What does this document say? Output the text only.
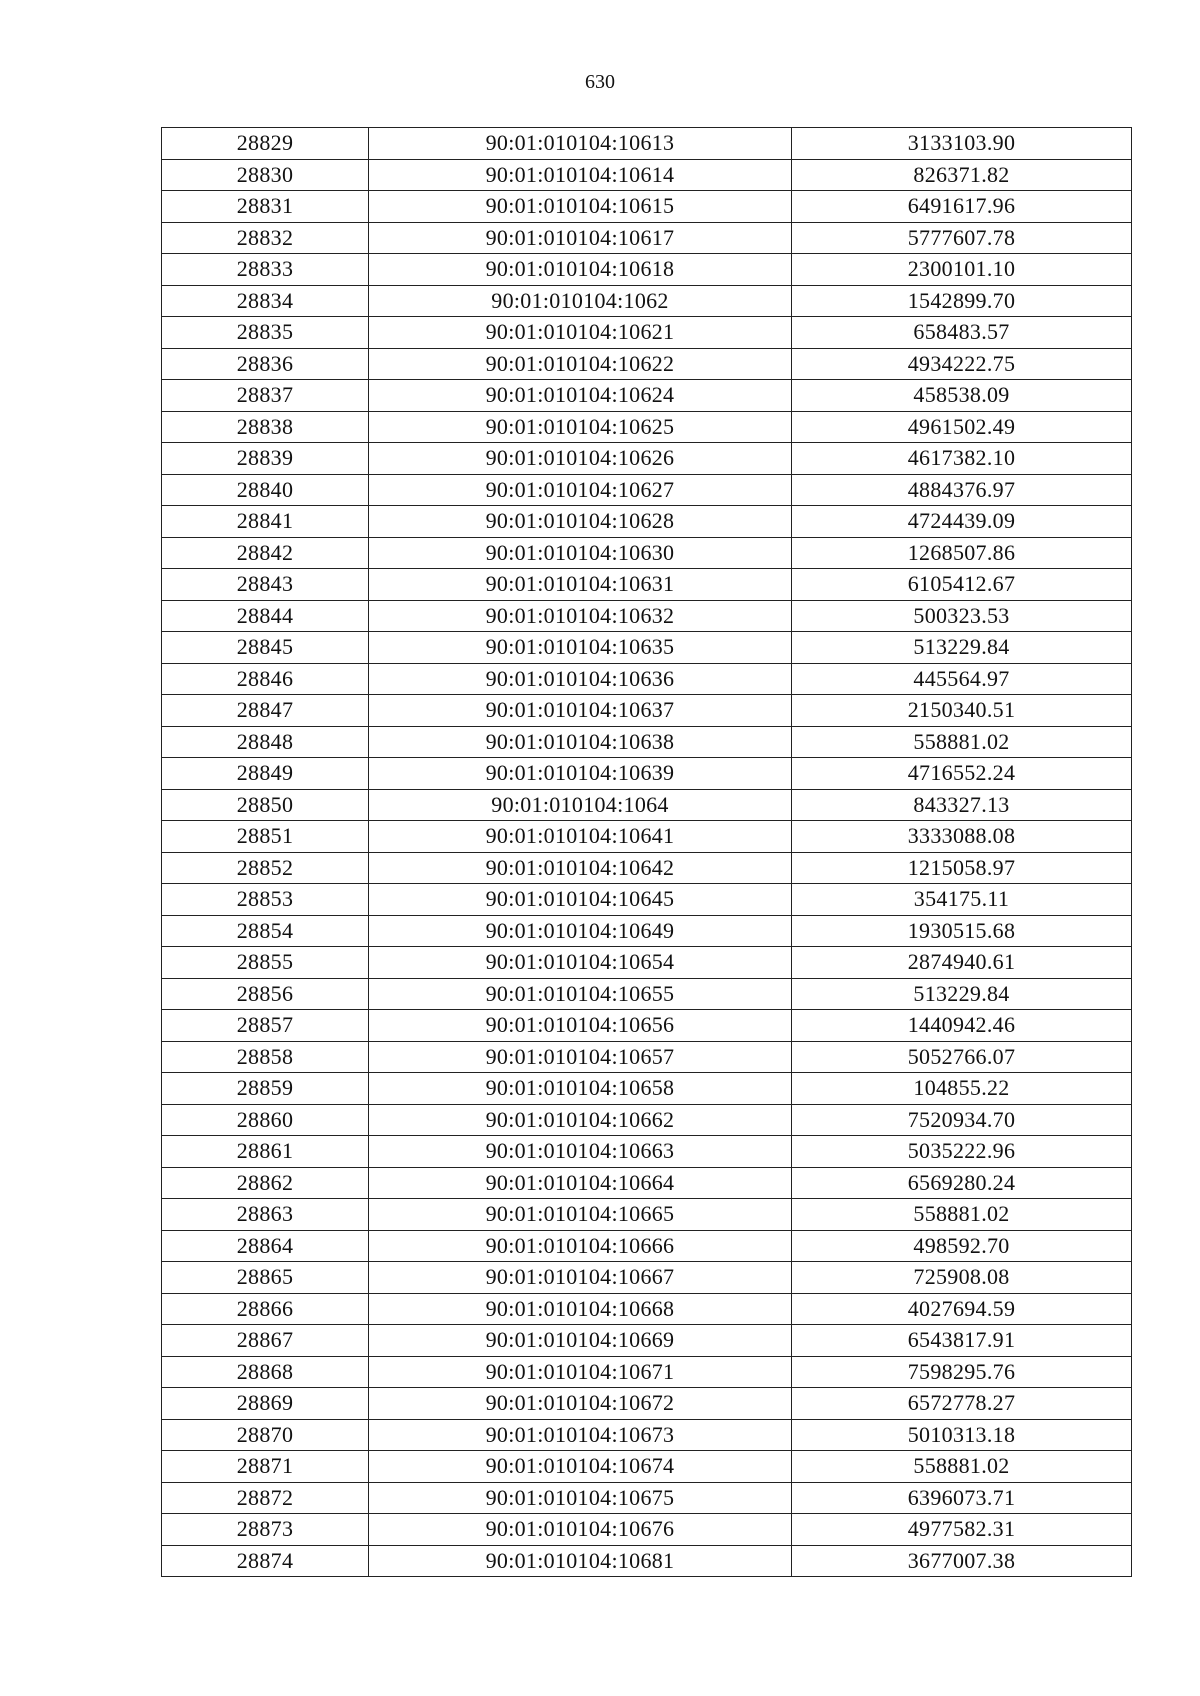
630
28829	90:01:010104:10613	3133103.90
28830	90:01:010104:10614	826371.82
28831	90:01:010104:10615	6491617.96
28832	90:01:010104:10617	5777607.78
28833	90:01:010104:10618	2300101.10
28834	90:01:010104:1062	1542899.70
28835	90:01:010104:10621	658483.57
28836	90:01:010104:10622	4934222.75
28837	90:01:010104:10624	458538.09
28838	90:01:010104:10625	4961502.49
28839	90:01:010104:10626	4617382.10
28840	90:01:010104:10627	4884376.97
28841	90:01:010104:10628	4724439.09
28842	90:01:010104:10630	1268507.86
28843	90:01:010104:10631	6105412.67
28844	90:01:010104:10632	500323.53
28845	90:01:010104:10635	513229.84
28846	90:01:010104:10636	445564.97
28847	90:01:010104:10637	2150340.51
28848	90:01:010104:10638	558881.02
28849	90:01:010104:10639	4716552.24
28850	90:01:010104:1064	843327.13
28851	90:01:010104:10641	3333088.08
28852	90:01:010104:10642	1215058.97
28853	90:01:010104:10645	354175.11
28854	90:01:010104:10649	1930515.68
28855	90:01:010104:10654	2874940.61
28856	90:01:010104:10655	513229.84
28857	90:01:010104:10656	1440942.46
28858	90:01:010104:10657	5052766.07
28859	90:01:010104:10658	104855.22
28860	90:01:010104:10662	7520934.70
28861	90:01:010104:10663	5035222.96
28862	90:01:010104:10664	6569280.24
28863	90:01:010104:10665	558881.02
28864	90:01:010104:10666	498592.70
28865	90:01:010104:10667	725908.08
28866	90:01:010104:10668	4027694.59
28867	90:01:010104:10669	6543817.91
28868	90:01:010104:10671	7598295.76
28869	90:01:010104:10672	6572778.27
28870	90:01:010104:10673	5010313.18
28871	90:01:010104:10674	558881.02
28872	90:01:010104:10675	6396073.71
28873	90:01:010104:10676	4977582.31
28874	90:01:010104:10681	3677007.38
